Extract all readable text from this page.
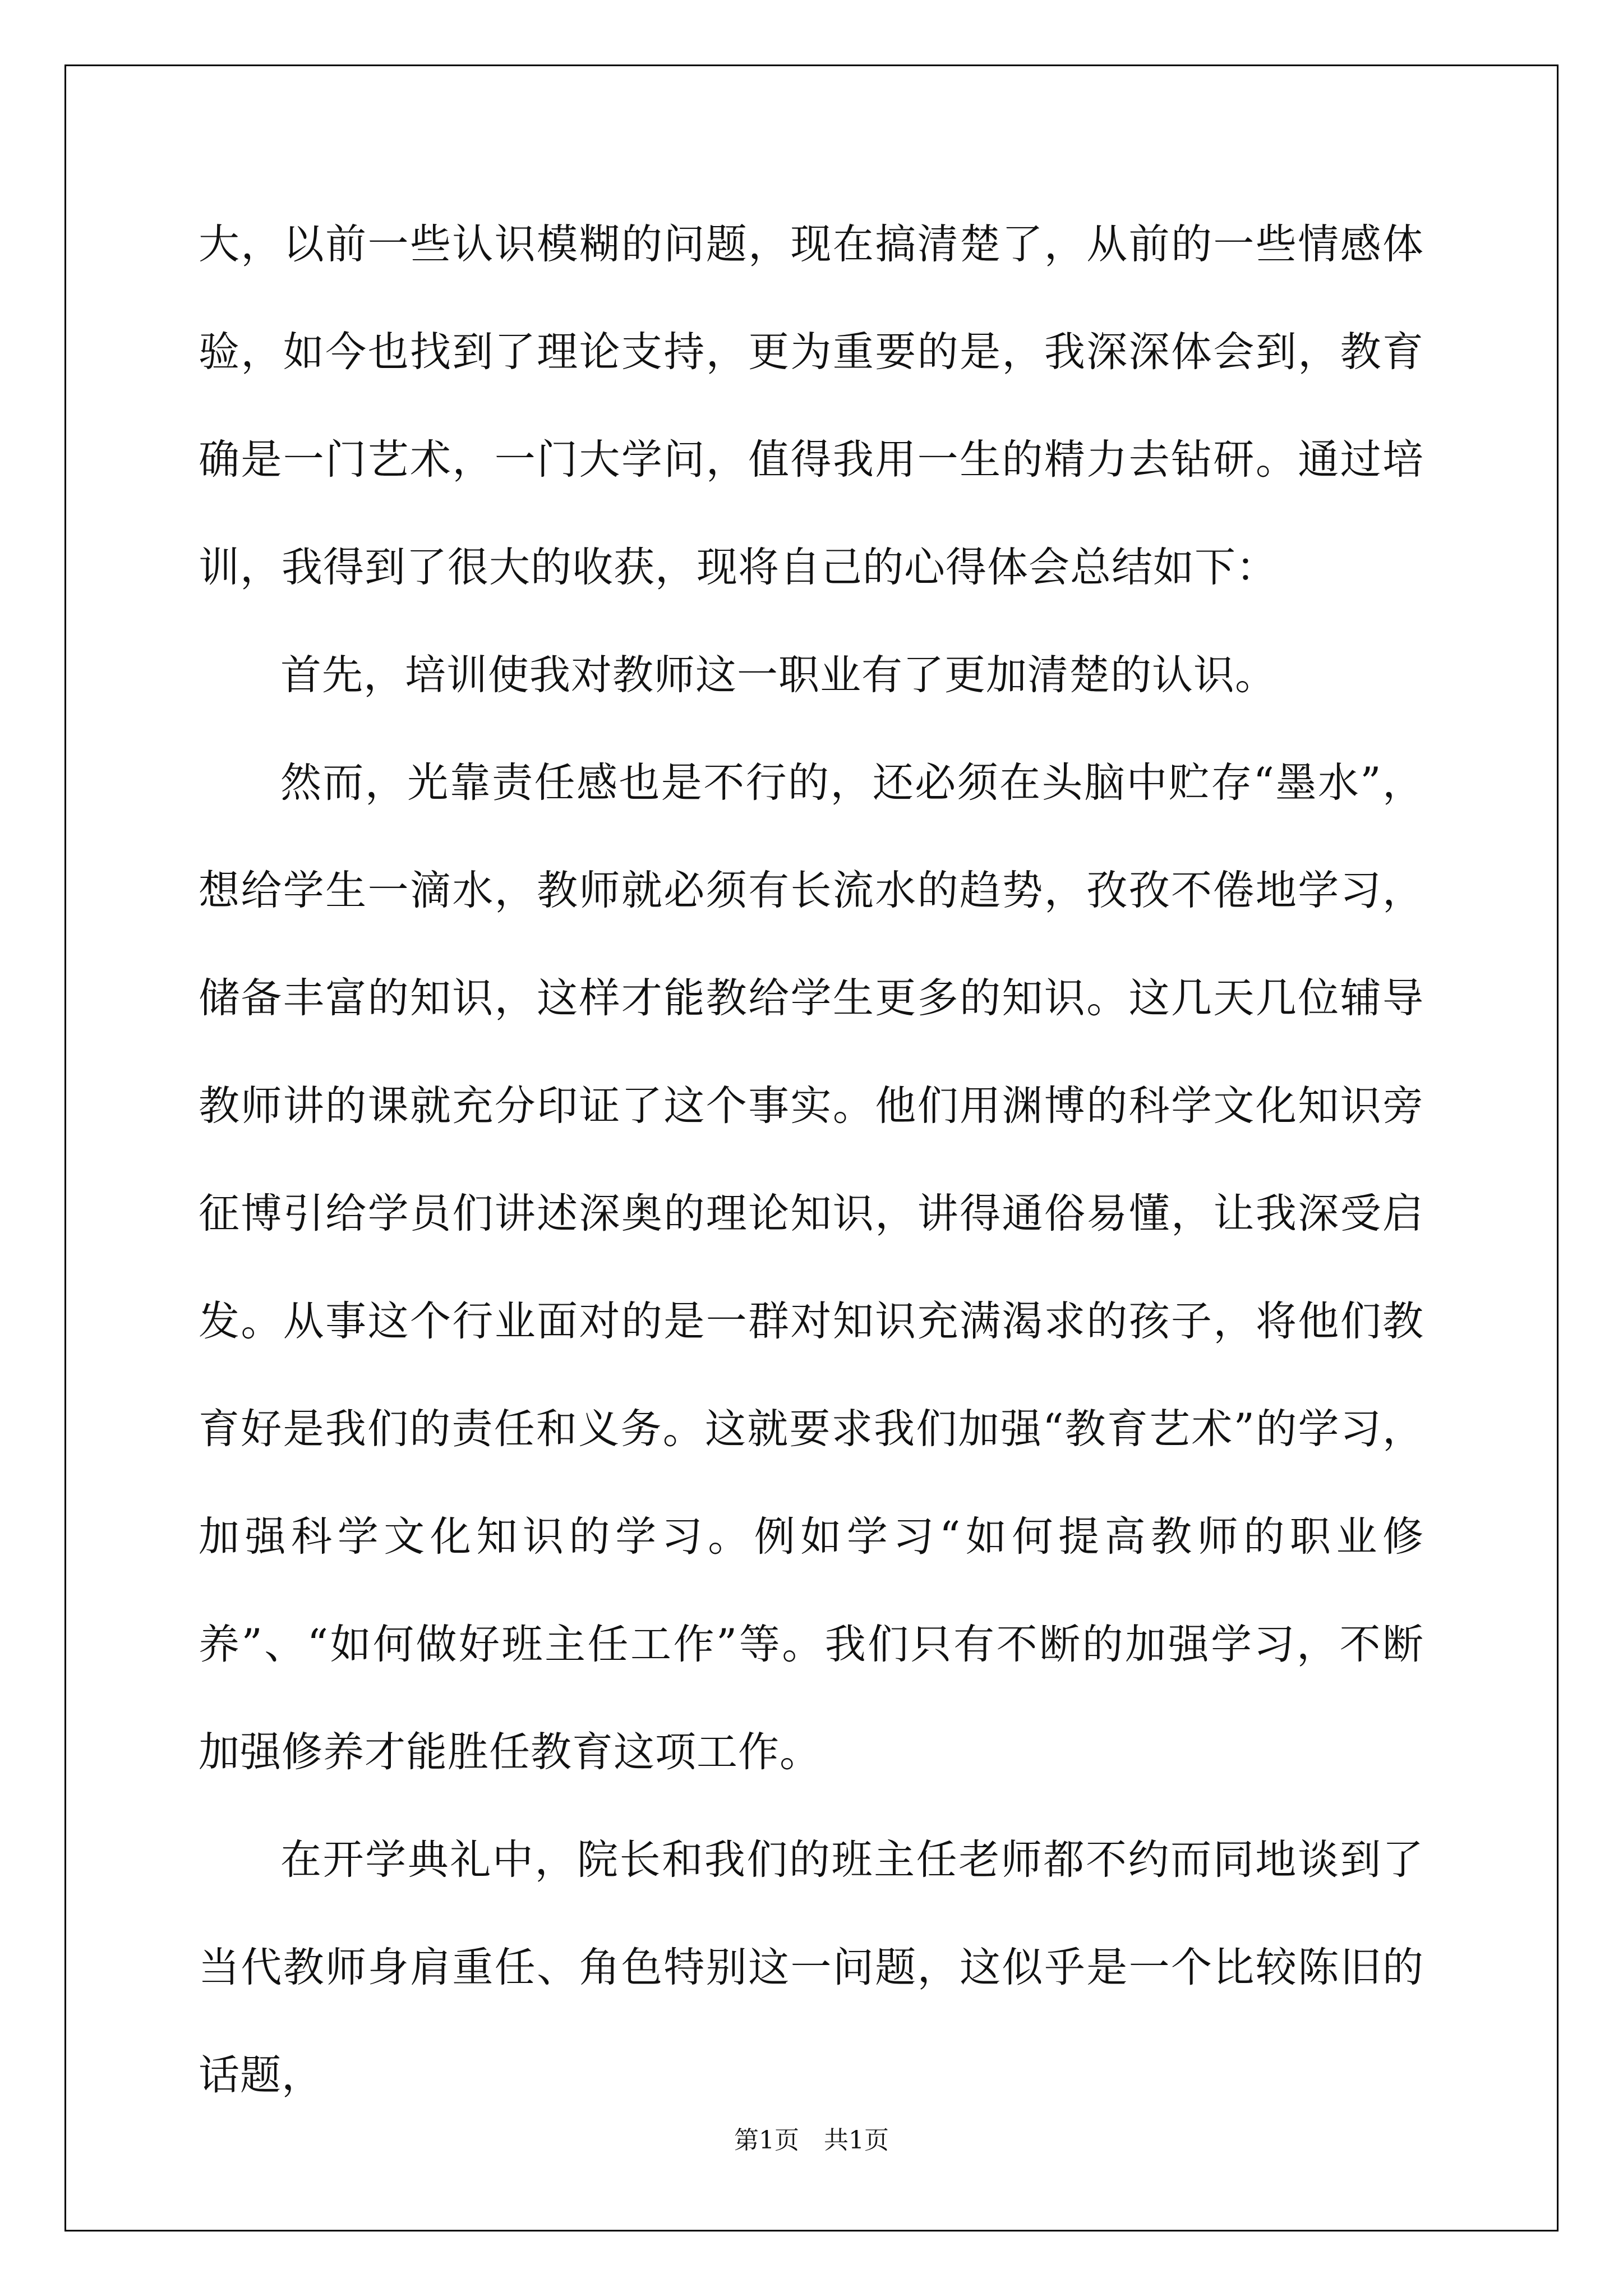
大，以前一些认识模糊的问题，现在搞清楚了，从前的一些情感体验，如今也找到了理论支持，更为重要的是，我深深体会到，教育确是一门艺术，一门大学问，值得我用一生的精力去钻研。通过培训，我得到了很大的收获，现将自己的心得体会总结如下：

首先，培训使我对教师这一职业有了更加清楚的认识。

然而，光靠责任感也是不行的，还必须在头脑中贮存“墨水”，想给学生一滴水，教师就必须有长流水的趋势，孜孜不倦地学习，储备丰富的知识，这样才能教给学生更多的知识。这几天几位辅导教师讲的课就充分印证了这个事实。他们用渊博的科学文化知识旁征博引给学员们讲述深奥的理论知识，讲得通俗易懂，让我深受启发。从事这个行业面对的是一群对知识充满渴求的孩子，将他们教育好是我们的责任和义务。这就要求我们加强“教育艺术”的学习，加强科学文化知识的学习。例如学习“如何提高教师的职业修养”、“如何做好班主任工作”等。我们只有不断的加强学习，不断加强修养才能胜任教育这项工作。

在开学典礼中，院长和我们的班主任老师都不约而同地谈到了当代教师身肩重任、角色特别这一问题，这似乎是一个比较陈旧的话题，

第1页　共1页
